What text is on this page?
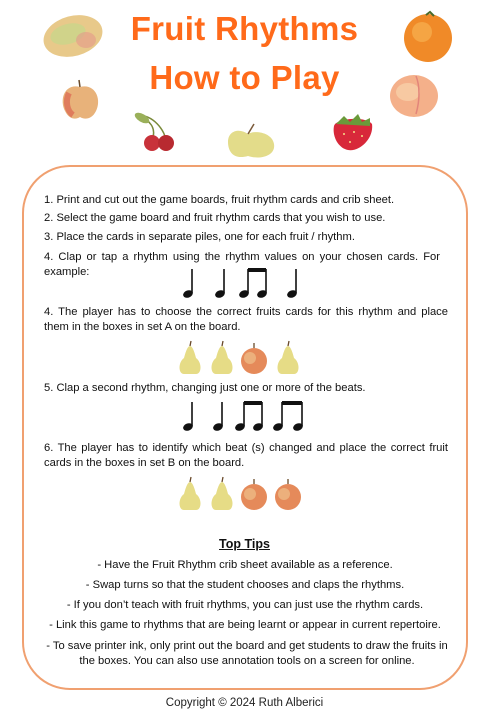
Fruit Rhythms
How to Play
1. Print and cut out the game boards, fruit rhythm cards and crib sheet.
2. Select the game board and fruit rhythm cards that you wish to use.
3. Place the cards in separate piles, one for each fruit / rhythm.
4. Clap or tap a rhythm using the rhythm values on your chosen cards. For example:
4. The player has to choose the correct fruits cards for this rhythm and place them in the boxes in set A on the board.
5. Clap a second rhythm, changing just one or more of the beats.
6. The player has to identify which beat (s) changed and place the correct fruit cards in the boxes in set B on the board.
Top Tips
- Have the Fruit Rhythm crib sheet available as a reference.
- Swap turns so that the student chooses and claps the rhythms.
- If you don’t teach with fruit rhythms, you can just use the rhythm cards.
- Link this game to rhythms that are being learnt or appear in current repertoire.
- To save printer ink, only print out the board and get students to draw the fruits in the boxes. You can also use annotation tools on a screen for online.
Copyright © 2024 Ruth Alberici
